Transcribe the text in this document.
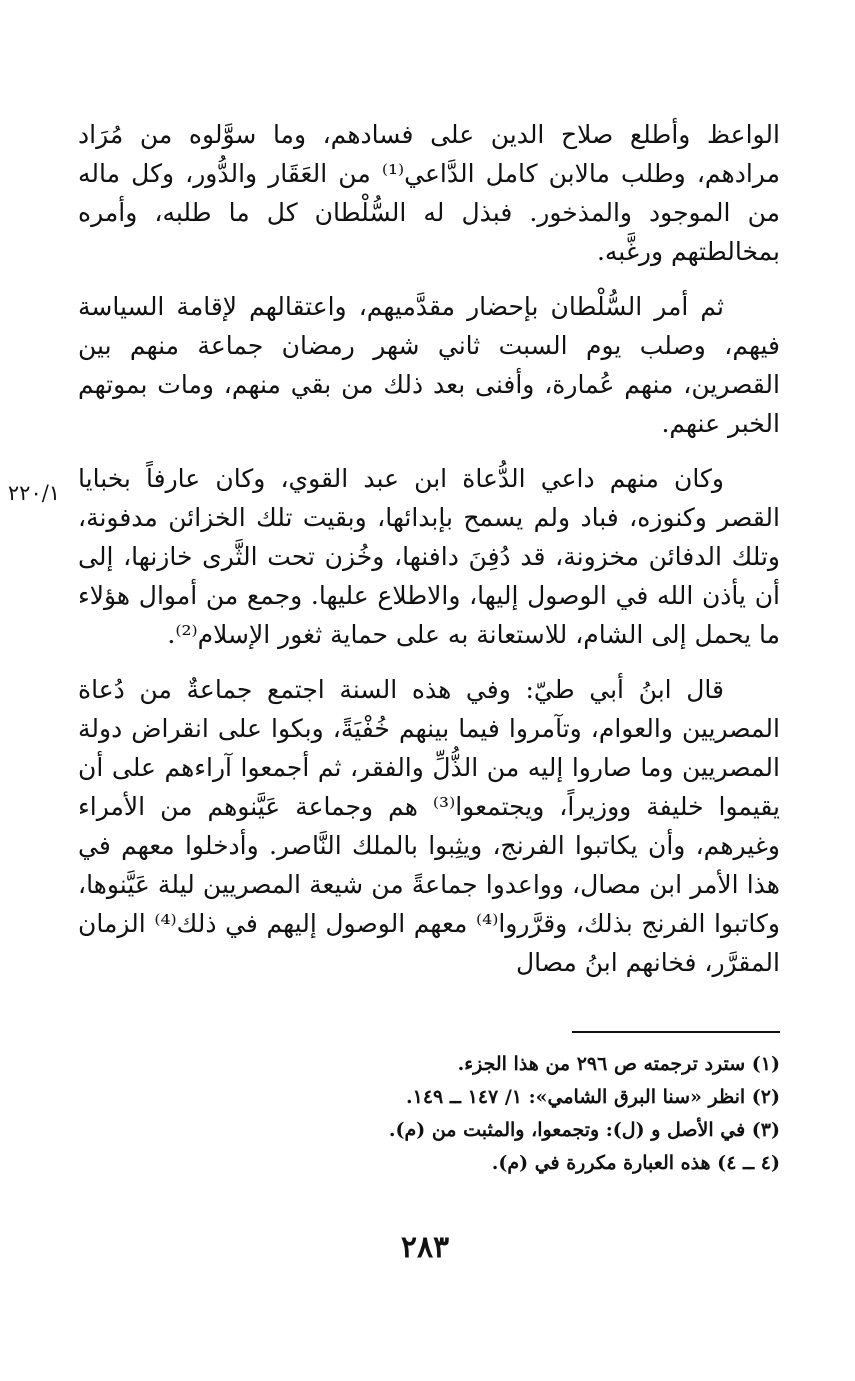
الواعظ وأطلع صلاح الدين على فسادهم، وما سوَّلوه من مُرَاد مرادهم، وطلب مالابن كامل الدَّاعي⁽¹⁾ من العَقَار والدُّور، وكل ماله من الموجود والمذخور. فبذل له السُّلْطان كل ما طلبه، وأمره بمخالطتهم ورغَّبه.

ثم أمر السُّلْطان بإحضار مقدَّميهم، واعتقالهم لإقامة السياسة فيهم، وصلب يوم السبت ثاني شهر رمضان جماعة منهم بين القصرين، منهم عُمارة، وأفنى بعد ذلك من بقي منهم، ومات بموتهم الخبر عنهم.

وكان منهم داعي الدُّعاة ابن عبد القوي، وكان عارفاً بخبايا القصر وكنوزه، فباد ولم يسمح بإبدائها، وبقيت تلك الخزائن مدفونة، وتلك الدفائن مخزونة، قد دُفِنَ دافنها، وخُزن تحت الثَّرى خازنها، إلى أن يأذن الله في الوصول إليها، والاطلاع عليها. وجمع من أموال هؤلاء ما يحمل إلى الشام، للاستعانة به على حماية ثغور الإسلام⁽²⁾.

قال ابنُ أبي طيّ: وفي هذه السنة اجتمع جماعةٌ من دُعاة المصريين والعوام، وتآمروا فيما بينهم خُفْيَةً، وبكوا على انقراض دولة المصريين وما صاروا إليه من الذُّلِّ والفقر، ثم أجمعوا آراءهم على أن يقيموا خليفة ووزيراً، ويجتمعوا⁽³⁾ هم وجماعة عَيَّنوهم من الأمراء وغيرهم، وأن يكاتبوا الفرنج، ويثِبوا بالملك النَّاصر. وأدخلوا معهم في هذا الأمر ابن مصال، وواعدوا جماعةً من شيعة المصريين ليلة عَيَّنوها، وكاتبوا الفرنج بذلك، وقرَّروا⁽⁴⁾ معهم الوصول إليهم في ذلك⁽⁴⁾ الزمان المقرَّر، فخانهم ابنُ مصال

٢٢٠/١

(١) سترد ترجمته ص ٢٩٦ من هذا الجزء.

(٢) انظر «سنا البرق الشامي»: ١/ ١٤٧ ــ ١٤٩.

(٣) في الأصل و (ل): وتجمعوا، والمثبت من (م).

(٤ ــ ٤) هذه العبارة مكررة في (م).

٢٨٣
